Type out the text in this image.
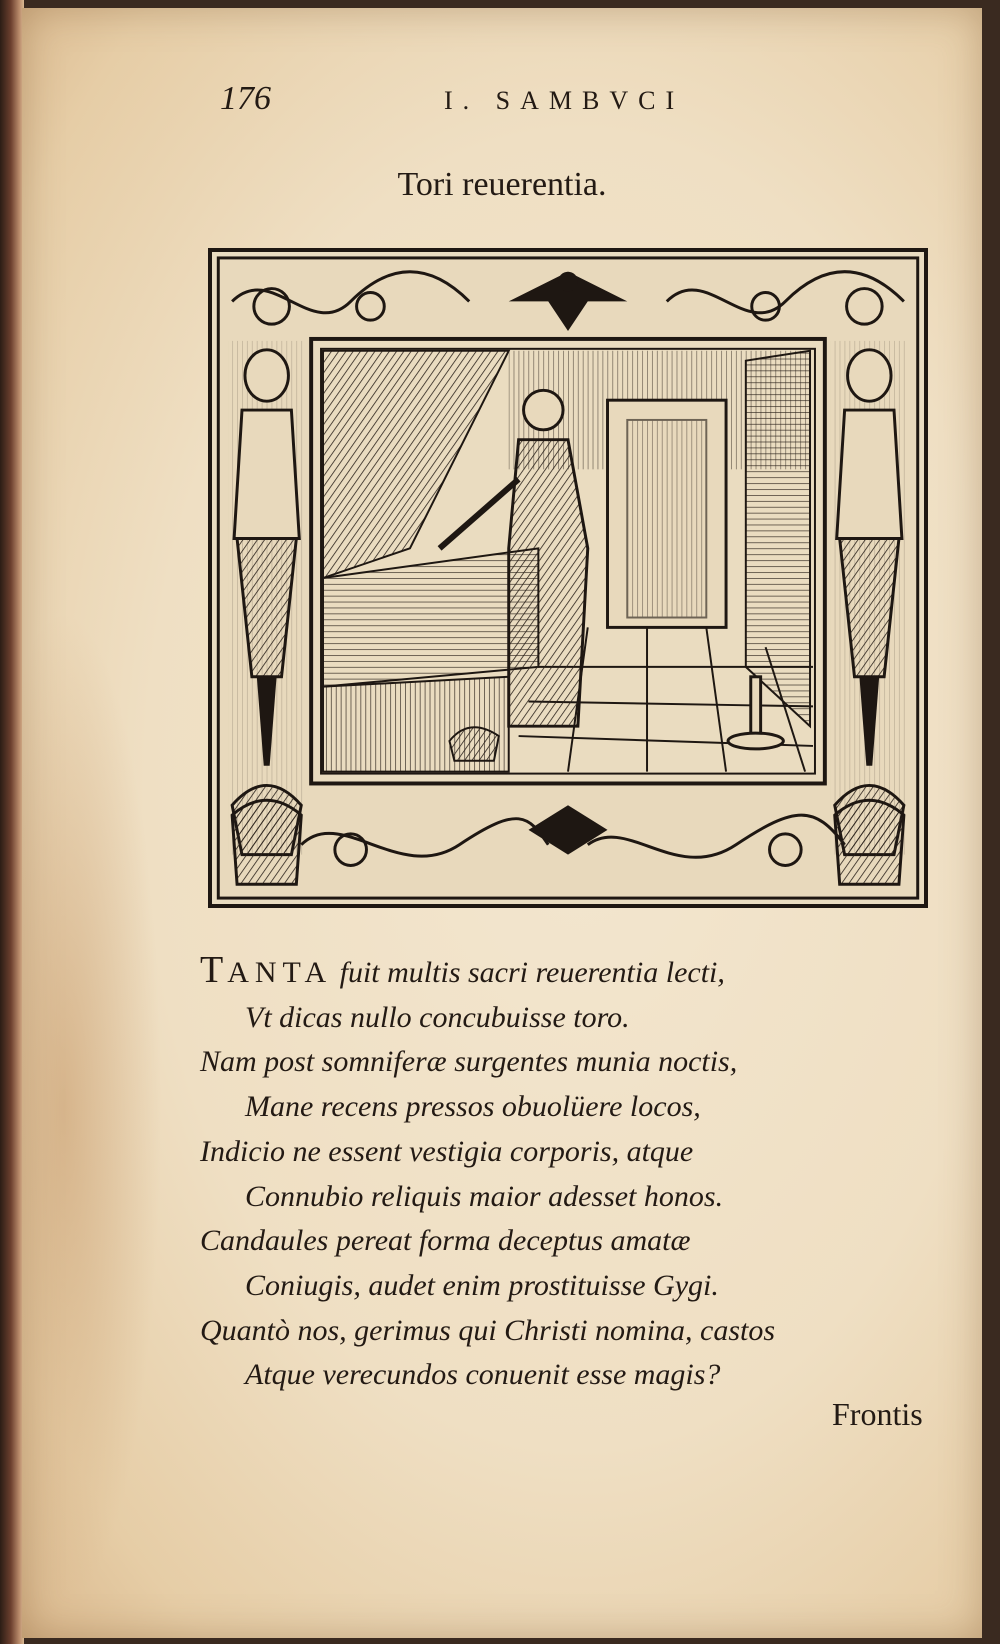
176	I. SAMBVCI
Tori reuerentia.
TANTA fuit multis sacri reuerentia lecti,
Vt dicas nullo concubuisse toro.
Nam post somniferæ surgentes munia noctis,
Mane recens pressos obuolüere locos,
Indicio ne essent vestigia corporis, atque
Connubio reliquis maior adesset honos.
Candaules pereat forma deceptus amatæ
Coniugis, audet enim prostituisse Gygi.
Quantò nos, gerimus qui Christi nomina, castos
Atque verecundos conuenit esse magis?
Frontis
